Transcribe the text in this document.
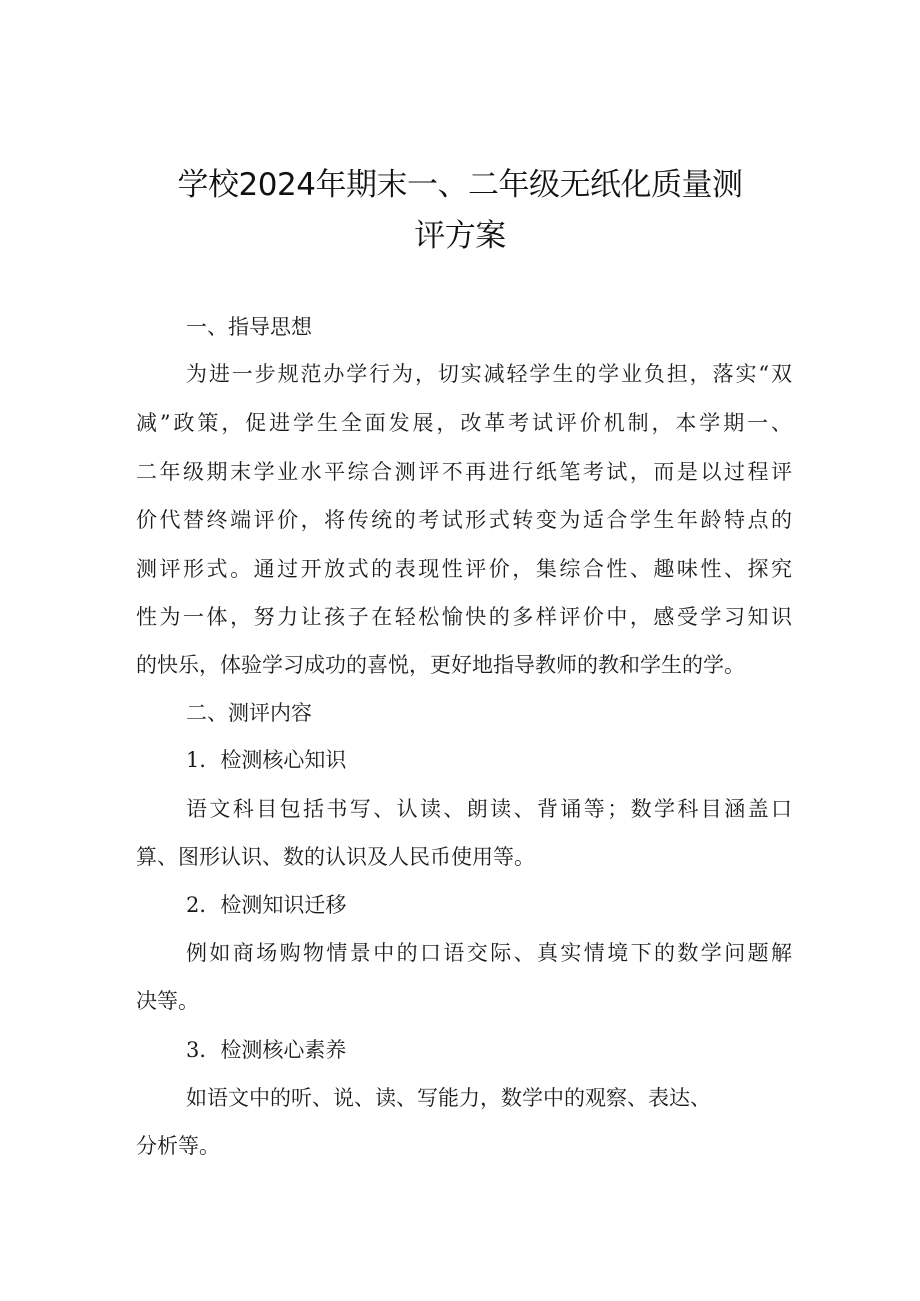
学校2024年期末一、二年级无纸化质量测
评方案
一、指导思想
为进一步规范办学行为，切实减轻学生的学业负担，落实“双
减”政策，促进学生全面发展，改革考试评价机制，本学期一、
二年级期末学业水平综合测评不再进行纸笔考试，而是以过程评
价代替终端评价，将传统的考试形式转变为适合学生年龄特点的
测评形式。通过开放式的表现性评价，集综合性、趣味性、探究
性为一体，努力让孩子在轻松愉快的多样评价中，感受学习知识
的快乐，体验学习成功的喜悦，更好地指导教师的教和学生的学。
二、测评内容
1．检测核心知识
语文科目包括书写、认读、朗读、背诵等；数学科目涵盖口
算、图形认识、数的认识及人民币使用等。
2．检测知识迁移
例如商场购物情景中的口语交际、真实情境下的数学问题解
决等。
3．检测核心素养
如语文中的听、说、读、写能力，数学中的观察、表达、
分析等。
